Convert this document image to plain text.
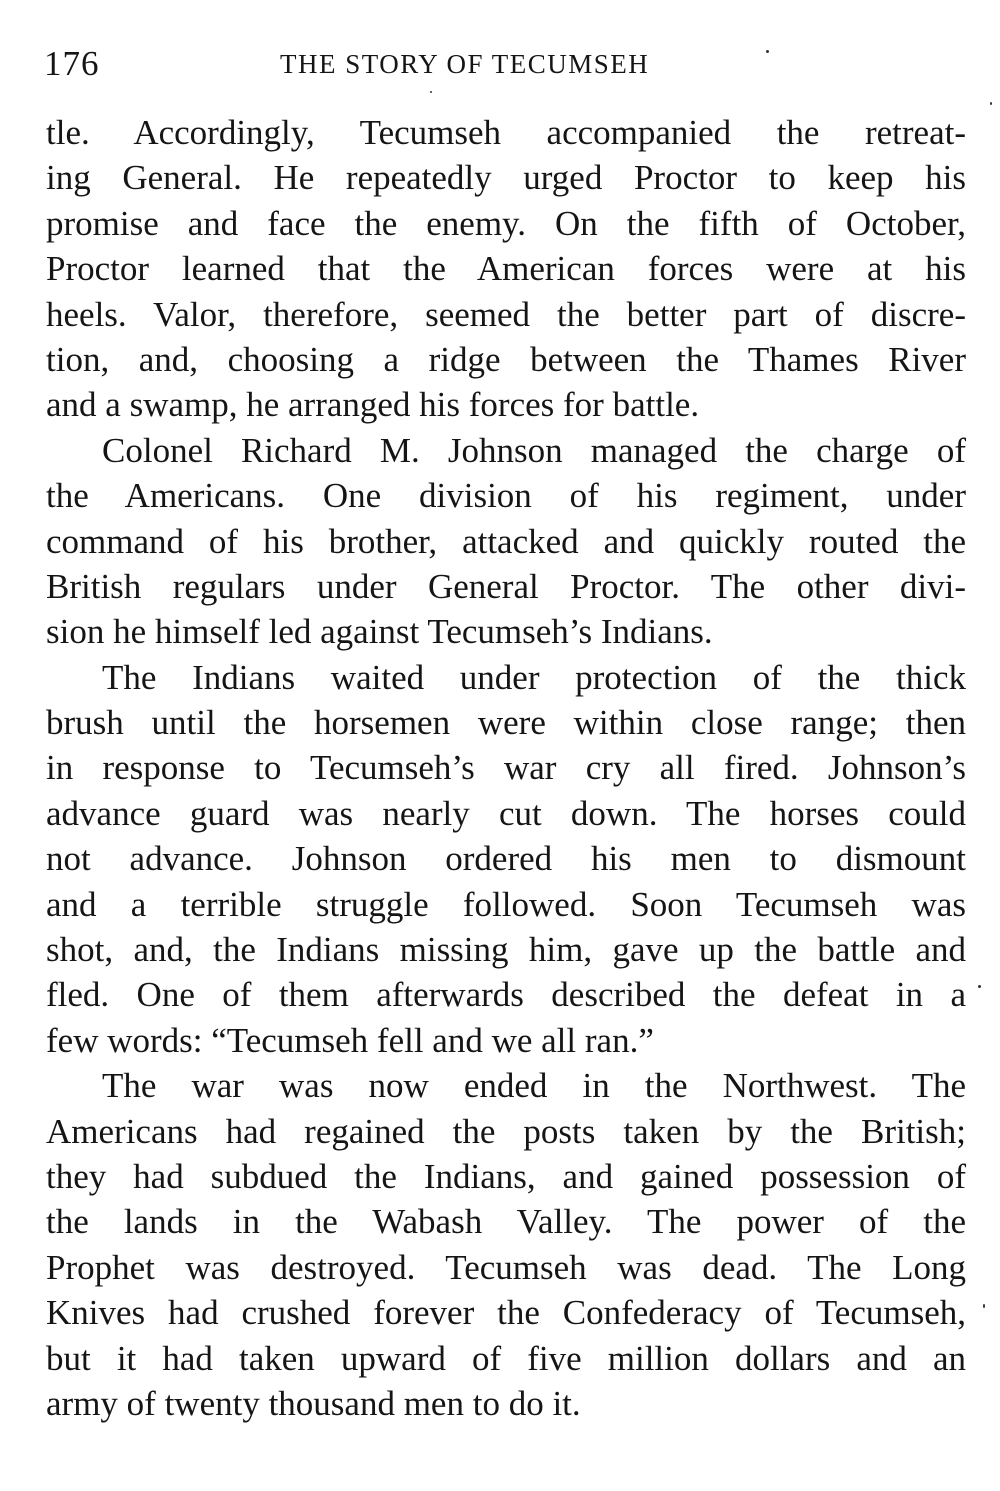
176	THE STORY OF TECUMSEH

tle. Accordingly, Tecumseh accompanied the retreat-
ing General. He repeatedly urged Proctor to keep his
promise and face the enemy. On the fifth of October,
Proctor learned that the American forces were at his
heels. Valor, therefore, seemed the better part of discre-
tion, and, choosing a ridge between the Thames River
and a swamp, he arranged his forces for battle.

Colonel Richard M. Johnson managed the charge of
the Americans. One division of his regiment, under
command of his brother, attacked and quickly routed the
British regulars under General Proctor. The other divi-
sion he himself led against Tecumseh’s Indians.

The Indians waited under protection of the thick
brush until the horsemen were within close range; then
in response to Tecumseh’s war cry all fired. Johnson’s
advance guard was nearly cut down. The horses could
not advance. Johnson ordered his men to dismount
and a terrible struggle followed. Soon Tecumseh was
shot, and, the Indians missing him, gave up the battle and
fled. One of them afterwards described the defeat in a
few words: “Tecumseh fell and we all ran.”

The war was now ended in the Northwest. The
Americans had regained the posts taken by the British;
they had subdued the Indians, and gained possession of
the lands in the Wabash Valley. The power of the
Prophet was destroyed. Tecumseh was dead. The Long
Knives had crushed forever the Confederacy of Tecumseh,
but it had taken upward of five million dollars and an
army of twenty thousand men to do it.
